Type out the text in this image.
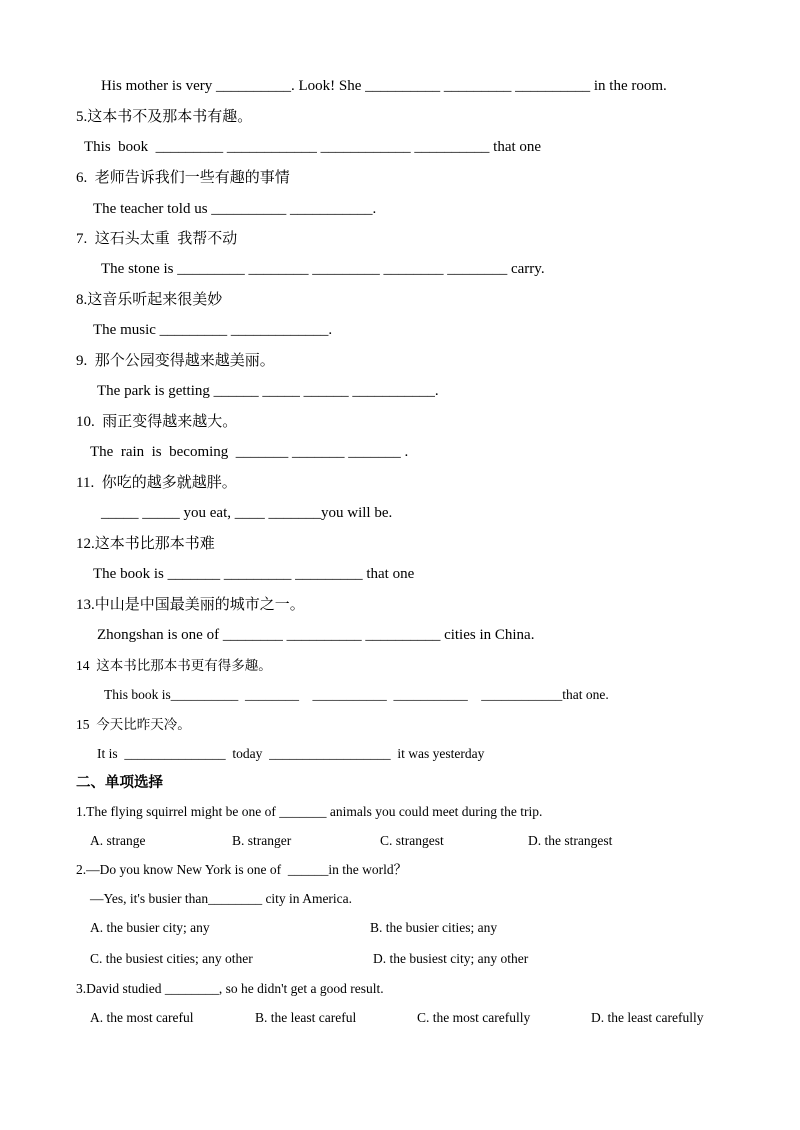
His mother is very __________. Look! She __________ _________ __________ in the room.
5.这本书不及那本书有趣。
This  book  _________ ____________ ____________ __________ that one
6.  老师告诉我们一些有趣的事情
The teacher told us __________ ___________.
7.  这石头太重  我帮不动
The stone is _________ ________ _________ ________ ________ carry.
8.这音乐听起来很美妙
The music _________ _____________.
9.  那个公园变得越来越美丽。
The park is getting ______ _____ ______ ___________.
10.  雨正变得越来越大。
The  rain  is  becoming  _______ _______ _______ .
11.  你吃的越多就越胖。
_____ _____ you eat, ____ _______you will be.
12.这本书比那本书难
The book is _______ _________ _________ that one
13.中山是中国最美丽的城市之一。
Zhongshan is one of ________ __________ __________ cities in China.
14  这本书比那本书更有得多趣。
This book is__________  ________    ___________  ___________    ____________that one.
15  今天比昨天冷。
It is  _______________  today  __________________  it was yesterday
二、单项选择
1.The flying squirrel might be one of _______ animals you could meet during the trip.
A. strange	B. stranger	C. strangest	D. the strangest
2.—Do you know New York is one of  ______in the world？
—Yes, it's busier than________ city in America.
A. the busier city; any	B. the busier cities; any
C. the busiest cities; any other	D. the busiest city; any other
3.David studied ________, so he didn't get a good result.
A. the most careful	B. the least careful	C. the most carefully	D. the least carefully
